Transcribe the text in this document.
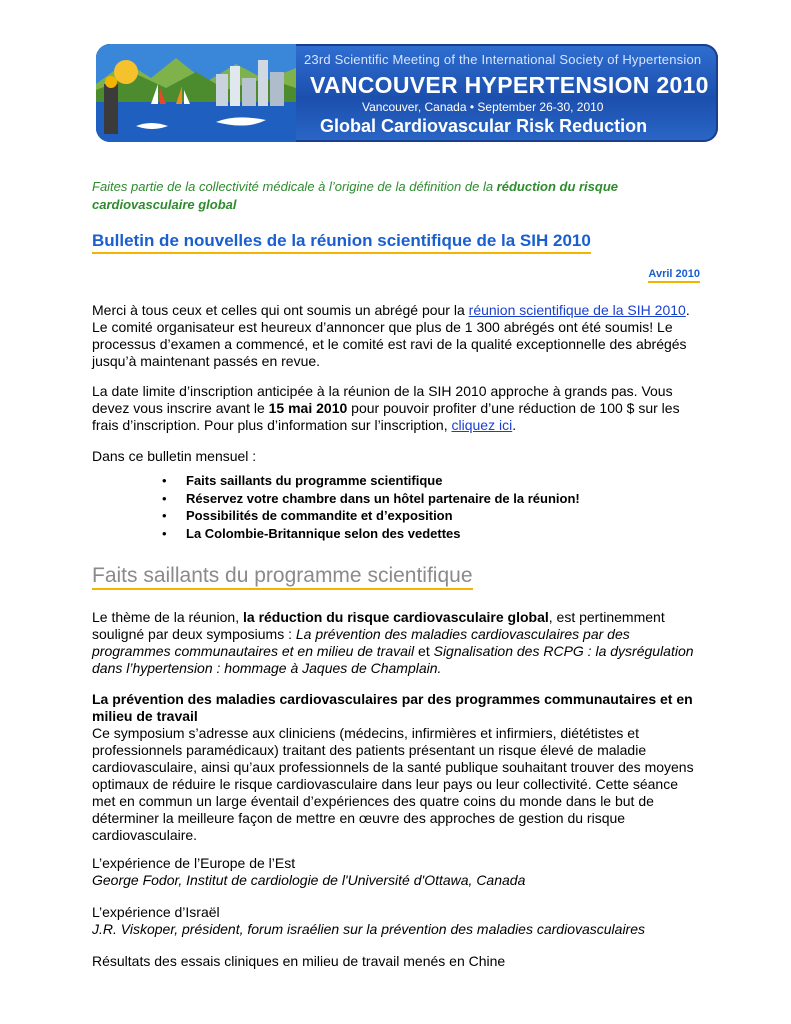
23rd Scientific Meeting of the International Society of Hypertension
VANCOUVER HYPERTENSION 2010
Vancouver, Canada • September 26-30, 2010
Global Cardiovascular Risk Reduction

Faites partie de la collectivité médicale à l’origine de la définition de la réduction du risque cardiovasculaire global

Bulletin de nouvelles de la réunion scientifique de la SIH 2010
Avril 2010

Merci à tous ceux et celles qui ont soumis un abrégé pour la réunion scientifique de la SIH 2010. Le comité organisateur est heureux d’annoncer que plus de 1 300 abrégés ont été soumis! Le processus d’examen a commencé, et le comité est ravi de la qualité exceptionnelle des abrégés jusqu’à maintenant passés en revue.

La date limite d’inscription anticipée à la réunion de la SIH 2010 approche à grands pas. Vous devez vous inscrire avant le 15 mai 2010 pour pouvoir profiter d’une réduction de 100 $ sur les frais d’inscription. Pour plus d’information sur l’inscription, cliquez ici.

Dans ce bulletin mensuel :

• Faits saillants du programme scientifique
• Réservez votre chambre dans un hôtel partenaire de la réunion!
• Possibilités de commandite et d’exposition
• La Colombie-Britannique selon des vedettes
Faits saillants du programme scientifique

Le thème de la réunion, la réduction du risque cardiovasculaire global, est pertinemment souligné par deux symposiums : La prévention des maladies cardiovasculaires par des programmes communautaires et en milieu de travail et Signalisation des RCPG : la dysrégulation dans l’hypertension : hommage à Jaques de Champlain.

La prévention des maladies cardiovasculaires par des programmes communautaires et en milieu de travail

Ce symposium s’adresse aux cliniciens (médecins, infirmières et infirmiers, diététistes et professionnels paramédicaux) traitant des patients présentant un risque élevé de maladie cardiovasculaire, ainsi qu’aux professionnels de la santé publique souhaitant trouver des moyens optimaux de réduire le risque cardiovasculaire dans leur pays ou leur collectivité. Cette séance met en commun un large éventail d’expériences des quatre coins du monde dans le but de déterminer la meilleure façon de mettre en œuvre des approches de gestion du risque cardiovasculaire.

L’expérience de l’Europe de l’Est

George Fodor, Institut de cardiologie de l'Université d'Ottawa, Canada

L’expérience d’Israël

J.R. Viskoper, président, forum israélien sur la prévention des maladies cardiovasculaires

Résultats des essais cliniques en milieu de travail menés en Chine
